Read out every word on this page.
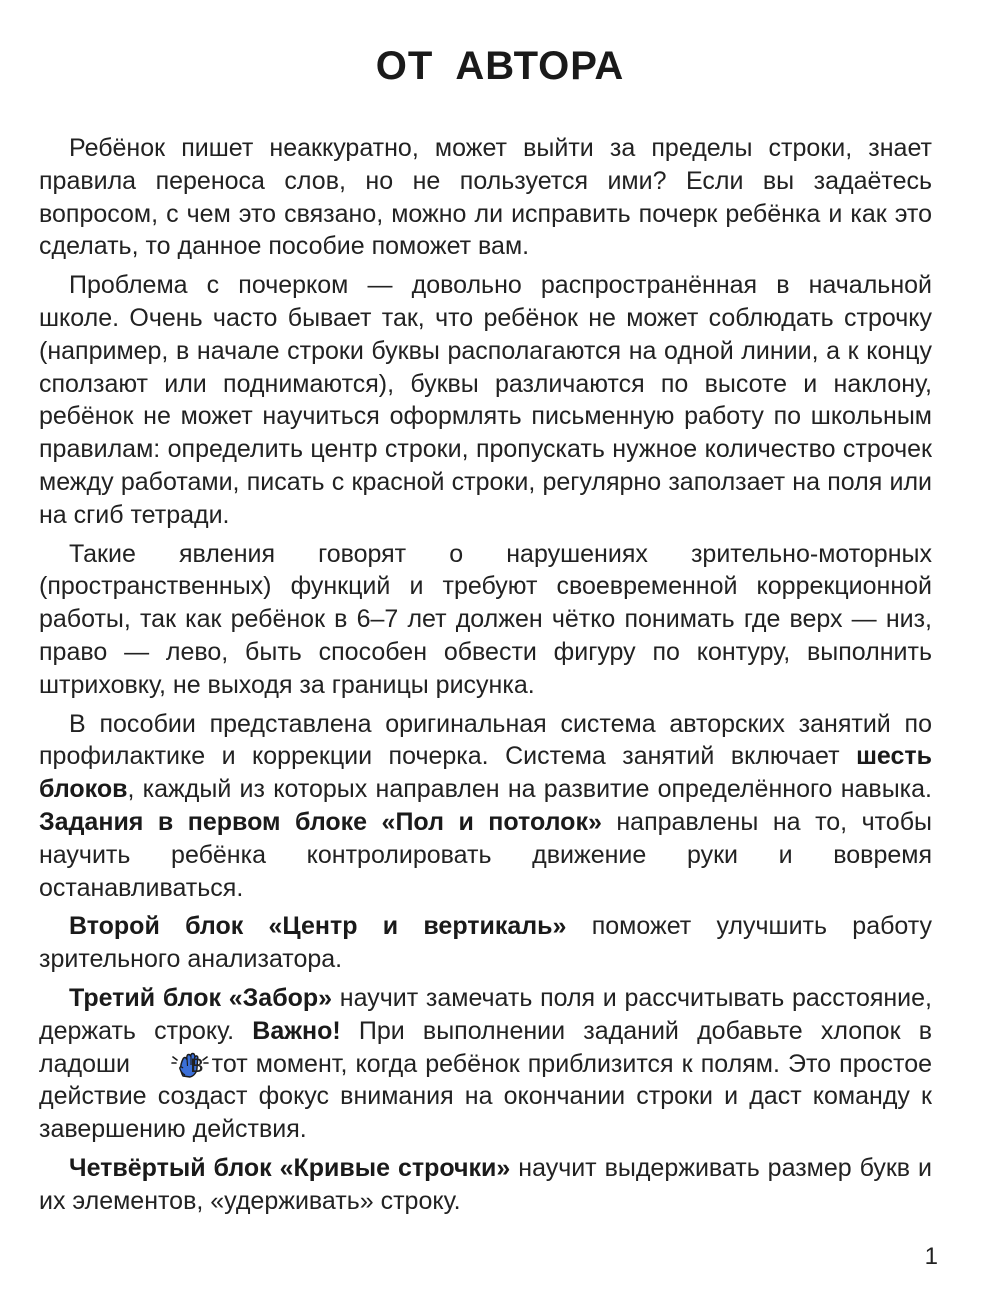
ОТ АВТОРА

Ребёнок пишет неаккуратно, может выйти за пределы строки, знает правила переноса слов, но не пользуется ими? Если вы задаётесь вопросом, с чем это связано, можно ли исправить почерк ребёнка и как это сделать, то данное пособие поможет вам.

Проблема с почерком — довольно распространённая в начальной школе. Очень часто бывает так, что ребёнок не может соблюдать строчку (например, в начале строки буквы располагаются на одной линии, а к концу сползают или поднимаются), буквы различаются по высоте и наклону, ребёнок не может научиться оформлять письменную работу по школьным правилам: определить центр строки, пропускать нужное количество строчек между работами, писать с красной строки, регулярно заползает на поля или на сгиб тетради.

Такие явления говорят о нарушениях зрительно-моторных (пространственных) функций и требуют своевременной коррекционной работы, так как ребёнок в 6–7 лет должен чётко понимать где верх — низ, право — лево, быть способен обвести фигуру по контуру, выполнить штриховку, не выходя за границы рисунка.

В пособии представлена оригинальная система авторских занятий по профилактике и коррекции почерка. Система занятий включает шесть блоков, каждый из которых направлен на развитие определённого навыка. Задания в первом блоке «Пол и потолок» направлены на то, чтобы научить ребёнка контролировать движение руки и вовремя останавливаться.

Второй блок «Центр и вертикаль» поможет улучшить работу зрительного анализатора.

Третий блок «Забор» научит замечать поля и рассчитывать расстояние, держать строку. Важно! При выполнении заданий добавьте хлопок в ладоши  в тот момент, когда ребёнок приблизится к полям. Это простое действие создаст фокус внимания на окончании строки и даст команду к завершению действия.

Четвёртый блок «Кривые строчки» научит выдерживать размер букв и их элементов, «удерживать» строку.

1
